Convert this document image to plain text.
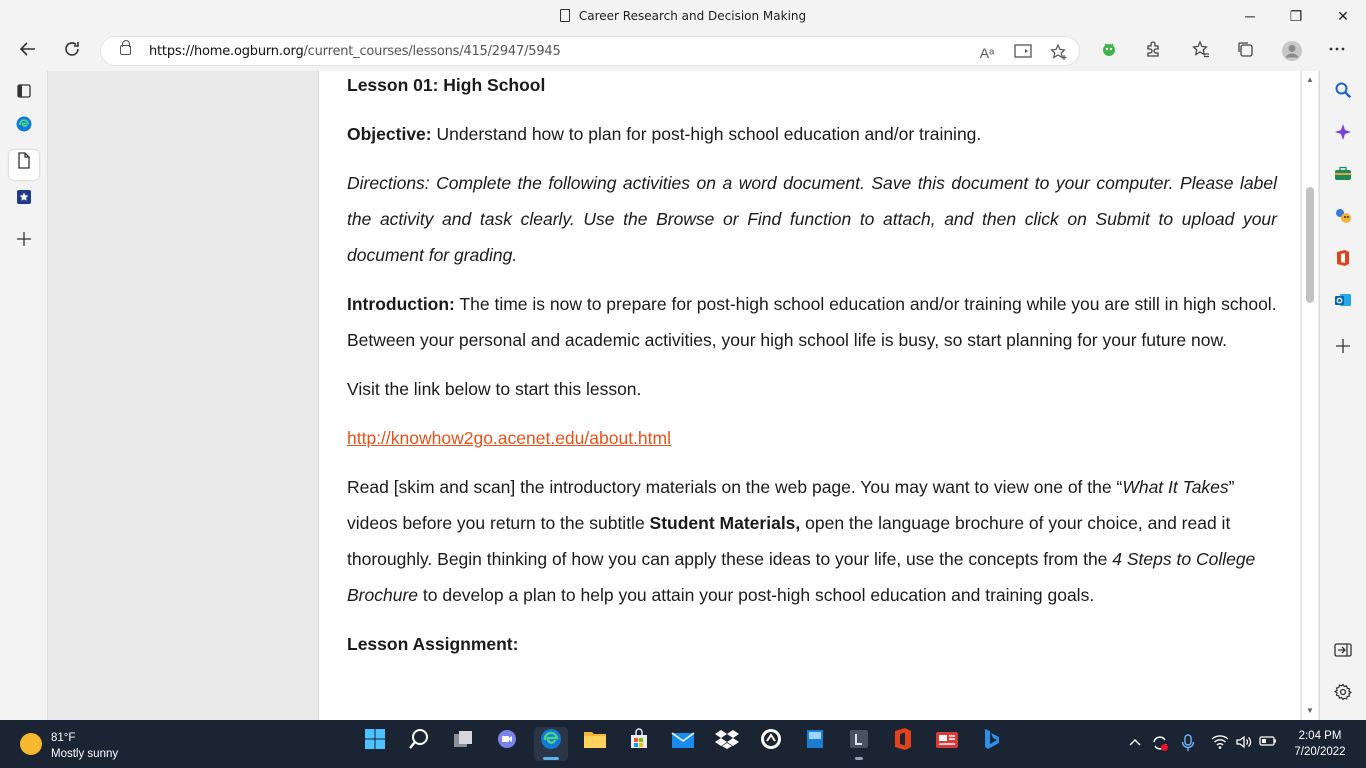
Career Research and Decision Making	─	❐	✕
https://home.ogburn.org/current_courses/lessons/415/2947/5945	Aᵃ

Lesson 01: High School

Objective: Understand how to plan for post-high school education and/or training.

Directions: Complete the following activities on a word document. Save this document to your computer. Please label the activity and task clearly. Use the Browse or Find function to attach, and then click on Submit to upload your document for grading.

Introduction: The time is now to prepare for post-high school education and/or training while you are still in high school. Between your personal and academic activities, your high school life is busy, so start planning for your future now.

Visit the link below to start this lesson.

http://knowhow2go.acenet.edu/about.html

Read [skim and scan] the introductory materials on the web page. You may want to view one of the “What It Takes” videos before you return to the subtitle Student Materials, open the language brochure of your choice, and read it thoroughly. Begin thinking of how you can apply these ideas to your life, use the concepts from the 4 Steps to College Brochure to develop a plan to help you attain your post-high school education and training goals.

Lesson Assignment:

▲
▼
81°F
Mostly sunny
2:04 PM
7/20/2022
